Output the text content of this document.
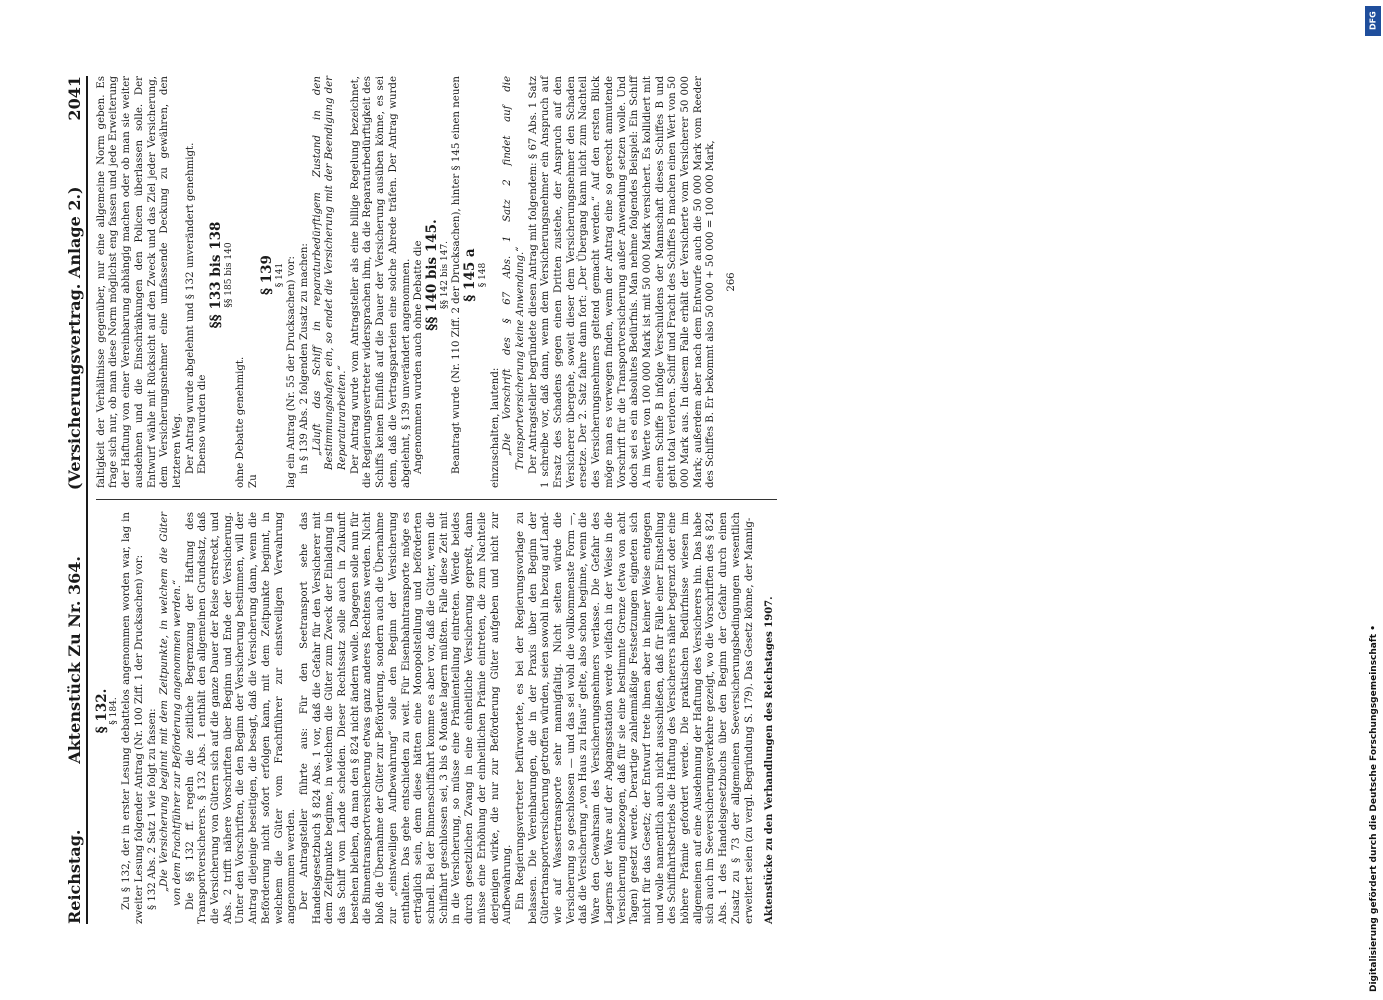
Reichstag.
Aktenstück Zu Nr. 364.
(Versicherungsvertrag. Anlage 2.)
2041

§ 132. § 184. Zu § 132, der in erster Lesung debattelos angenommen worden war, lag in zweiter Lesung folgender Antrag (Nr. 100 Ziff. 1 der Drucksachen) vor: § 132 Abs. 2 Satz 1 wie folgt zu fassen: „Die Versicherung beginnt mit dem Zeitpunkte, in welchem die Güter von dem Frachtführer zur Beförderung angenommen werden.“ Die §§ 132 ff. regeln die zeitliche Begrenzung der Haftung des Transportversicherers. § 132 Abs. 1 enthält den allgemeinen Grundsatz, daß die Versicherung von Gütern sich auf die ganze Dauer der Reise erstreckt, und Abs. 2 trifft nähere Vorschriften über Beginn und Ende der Versicherung. Unter den Vorschriften, die den Beginn der Versicherung bestimmen, will der Antrag diejenige beseitigen, die besagt, daß die Versicherung dann, wenn die Beförderung nicht sofort erfolgen kann, mit dem Zeitpunkte beginnt, in welchem die Güter vom Frachtführer zur einstweiligen Verwahrung angenommen werden. Der Antragsteller führte aus: Für den Seetransport sehe das Handelsgesetzbuch § 824 Abs. 1 vor, daß die Gefahr für den Versicherer mit dem Zeitpunkte beginne, in welchem die Güter zum Zweck der Einladung in das Schiff vom Lande scheiden. Dieser Rechtssatz solle auch in Zukunft bestehen bleiben, da man den § 824 nicht ändern wolle. Dagegen solle nun für die Binnentransportversicherung etwas ganz anderes Rechtens werden. Nicht bloß die Übernahme der Güter zur Beförderung, sondern auch die Übernahme zur „einstweiligen Aufbewahrung“ solle den Beginn der Versicherung enthalten. Das gehe entschieden zu weit. Für Eisenbahntransporte möge es erträglich sein, denn diese hätten eine Monopolstellung und beförderten schnell. Bei der Binnenschiffahrt komme es aber vor, daß die Güter, wenn die Schiffahrt geschlossen sei, 3 bis 6 Monate lagern müßten. Falle diese Zeit mit in die Versicherung, so müsse eine Prämienteilung eintreten. Werde beides durch gesetzlichen Zwang in eine einheitliche Versicherung gepreßt, dann müsse eine Erhöhung der einheitlichen Prämie eintreten, die zum Nachteile derjenigen wirke, die nur zur Beförderung Güter aufgeben und nicht zur Aufbewahrung. Ein Regierungsvertreter befürwortete, es bei der Regierungsvorlage zu belassen. Die Vereinbarungen, die in der Praxis über den Beginn der Gütertransportversicherung getroffen würden, seien sowohl in bezug auf Land- wie auf Wassertransporte sehr mannigfaltig. Nicht selten würde die Versicherung so geschlossen — und das sei wohl die vollkommenste Form —, daß die Versicherung „von Haus zu Haus“ gelte, also schon beginne, wenn die Ware den Gewahrsam des Versicherungsnehmers verlasse. Die Gefahr des Lagerns der Ware auf der Abgangsstation werde vielfach in der Weise in die Versicherung einbezogen, daß für sie eine bestimmte Grenze (etwa von acht Tagen) gesetzt werde. Derartige zahlenmäßige Festsetzungen eigneten sich nicht für das Gesetz; der Entwurf trete ihnen aber in keiner Weise entgegen und wolle namentlich auch nicht ausschließen, daß für Fälle einer Einstellung des Schiffahrtsbetriebs die Haftung des Versicherers näher begrenzt oder eine höhere Prämie gefordert werde. Die praktischen Bedürfnisse wiesen im allgemeinen auf eine Ausdehnung der Haftung des Versicherers hin. Das habe sich auch im Seeversicherungsverkehre gezeigt, wo die Vorschriften des § 824 Abs. 1 des Handelsgesetzbuchs über den Beginn der Gefahr durch einen Zusatz zu § 73 der allgemeinen Seeversicherungsbedingungen wesentlich erweitert seien (zu vergl. Begründung S. 179). Das Gesetz könne, der Mannig- Aktenstücke zu den Verhandlungen des Reichstages 1907.

faltigkeit der Verhältnisse gegenüber, nur eine allgemeine Norm geben. Es frage sich nur, ob man diese Norm möglichst eng fassen und jede Erweiterung der Haftung von einer Vereinbarung abhängig machen oder ob man sie weiter ausdehnen und die Einschränkungen den Policen überlassen solle. Der Entwurf wähle mit Rücksicht auf den Zweck und das Ziel jeder Versicherung, dem Versicherungsnehmer eine umfassende Deckung zu gewähren, den letzteren Weg. Der Antrag wurde abgelehnt und § 132 unverändert genehmigt. Ebenso wurden die

§§ 133 bis 138 §§ 185 bis 140

ohne Debatte genehmigt. Zu

§ 139 § 141 lag ein Antrag (Nr. 55 der Drucksachen) vor: in § 139 Abs. 2 folgenden Zusatz zu machen: „Läuft das Schiff in reparaturbedürftigem Zustand in den Bestimmungshafen ein, so endet die Versicherung mit der Beendigung der Reparaturarbeiten.“ Der Antrag wurde vom Antragsteller als eine billige Regelung bezeichnet, die Regierungsvertreter widersprachen ihm, da die Reparaturbedürftigkeit des Schiffs keinen Einfluß auf die Dauer der Versicherung ausüben könne, es sei denn, daß die Vertragsparteien eine solche Abrede träfen. Der Antrag wurde abgelehnt, § 139 unverändert angenommen. Angenommen wurden auch ohne Debatte die §§ 140 bis 145. §§ 142 bis 147. Beantragt wurde (Nr. 110 Ziff. 2 der Drucksachen), hinter § 145 einen neuen § 145 a § 148

einzuschalten, lautend: „Die Vorschrift des § 67 Abs. 1 Satz 2 findet auf die Transportversicherung keine Anwendung.“ Der Antragsteller begründete diesen Antrag mit folgendem: § 67 Abs. 1 Satz 1 schreibe vor, daß dann, wenn dem Versicherungsnehmer ein Anspruch auf Ersatz des Schadens gegen einen Dritten zustehe, der Anspruch auf den Versicherer übergehe, soweit dieser dem Versicherungsnehmer den Schaden ersetze. Der 2. Satz fahre dann fort: „Der Übergang kann nicht zum Nachteil des Versicherungsnehmers geltend gemacht werden.“ Auf den ersten Blick möge man es verwegen finden, wenn der Antrag eine so gerecht anmutende Vorschrift für die Transportversicherung außer Anwendung setzen wolle. Und doch sei es ein absolutes Bedürfnis. Man nehme folgendes Beispiel: Ein Schiff A im Werte von 100 000 Mark ist mit 50 000 Mark versichert. Es kollidiert mit einem Schiffe B infolge Verschuldens der Mannschaft dieses Schiffes B und geht total verloren. Schiff und Fracht des Schiffes B machen einen Wert von 50 000 Mark aus. In diesem Falle erhält der Versicherte vom Versicherer 50 000 Mark; außerdem aber nach dem Entwurfe auch die 50 000 Mark vom Reeder des Schiffes B. Er bekommt also 50 000 + 50 000 = 100 000 Mark, 266
DFG
Digitalisierung gefördert durch die Deutsche Forschungsgemeinschaft •
